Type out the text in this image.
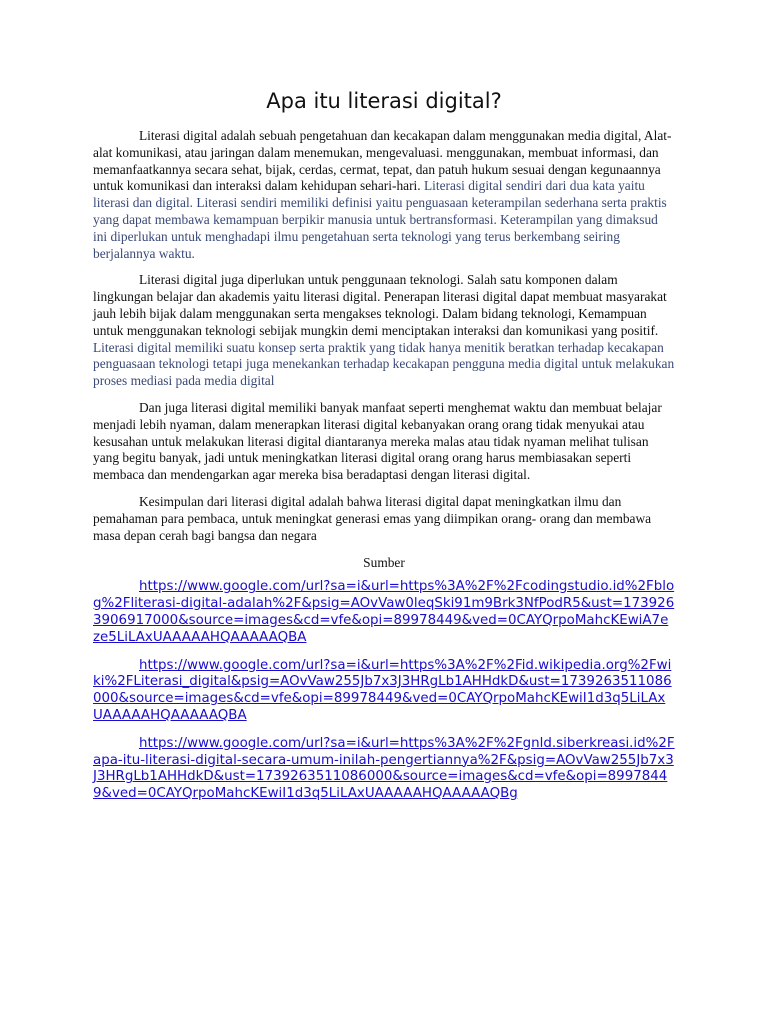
Apa itu literasi digital?

Literasi digital adalah sebuah pengetahuan dan kecakapan dalam menggunakan media digital, Alat-alat komunikasi, atau jaringan dalam menemukan, mengevaluasi. menggunakan, membuat informasi, dan memanfaatkannya secara sehat, bijak, cerdas, cermat, tepat, dan patuh hukum sesuai dengan kegunaannya untuk komunikasi dan interaksi dalam kehidupan sehari-hari. Literasi digital sendiri dari dua kata yaitu literasi dan digital. Literasi sendiri memiliki definisi yaitu penguasaan keterampilan sederhana serta praktis yang dapat membawa kemampuan berpikir manusia untuk bertransformasi. Keterampilan yang dimaksud ini diperlukan untuk menghadapi ilmu pengetahuan serta teknologi yang terus berkembang seiring berjalannya waktu.

Literasi digital juga diperlukan untuk penggunaan teknologi. Salah satu komponen dalam lingkungan belajar dan akademis yaitu literasi digital. Penerapan literasi digital dapat membuat masyarakat jauh lebih bijak dalam menggunakan serta mengakses teknologi. Dalam bidang teknologi, Kemampuan untuk menggunakan teknologi sebijak mungkin demi menciptakan interaksi dan komunikasi yang positif. Literasi digital memiliki suatu konsep serta praktik yang tidak hanya menitik beratkan terhadap kecakapan penguasaan teknologi tetapi juga menekankan terhadap kecakapan pengguna media digital untuk melakukan proses mediasi pada media digital

Dan juga literasi digital memiliki banyak manfaat seperti menghemat waktu dan membuat belajar menjadi lebih nyaman, dalam menerapkan literasi digital kebanyakan orang orang tidak menyukai atau kesusahan untuk melakukan literasi digital diantaranya mereka malas atau tidak nyaman melihat tulisan yang begitu banyak, jadi untuk meningkatkan literasi digital orang orang harus membiasakan seperti membaca dan mendengarkan agar mereka bisa beradaptasi dengan literasi digital.

Kesimpulan dari literasi digital adalah bahwa literasi digital dapat meningkatkan ilmu dan pemahaman para pembaca, untuk meningkat generasi emas yang diimpikan orang- orang dan membawa masa depan cerah bagi bangsa dan negara

Sumber
https://www.google.com/url?sa=i&url=https%3A%2F%2Fcodingstudio.id%2Fblog%2Fliterasi-digital-adalah%2F&psig=AOvVaw0leqSki91m9Brk3NfPodR5&ust=1739263906917000&source=images&cd=vfe&opi=89978449&ved=0CAYQrpoMahcKEwiA7eze5LiLAxUAAAAAHQAAAAAQBA
https://www.google.com/url?sa=i&url=https%3A%2F%2Fid.wikipedia.org%2Fwiki%2FLiterasi_digital&psig=AOvVaw255Jb7x3J3HRgLb1AHHdkD&ust=1739263511086000&source=images&cd=vfe&opi=89978449&ved=0CAYQrpoMahcKEwiI1d3q5LiLAxUAAAAAHQAAAAAQBA
https://www.google.com/url?sa=i&url=https%3A%2F%2Fgnld.siberkreasi.id%2Fapa-itu-literasi-digital-secara-umum-inilah-pengertiannya%2F&psig=AOvVaw255Jb7x3J3HRgLb1AHHdkD&ust=1739263511086000&source=images&cd=vfe&opi=89978449&ved=0CAYQrpoMahcKEwiI1d3q5LiLAxUAAAAAHQAAAAAQBg
